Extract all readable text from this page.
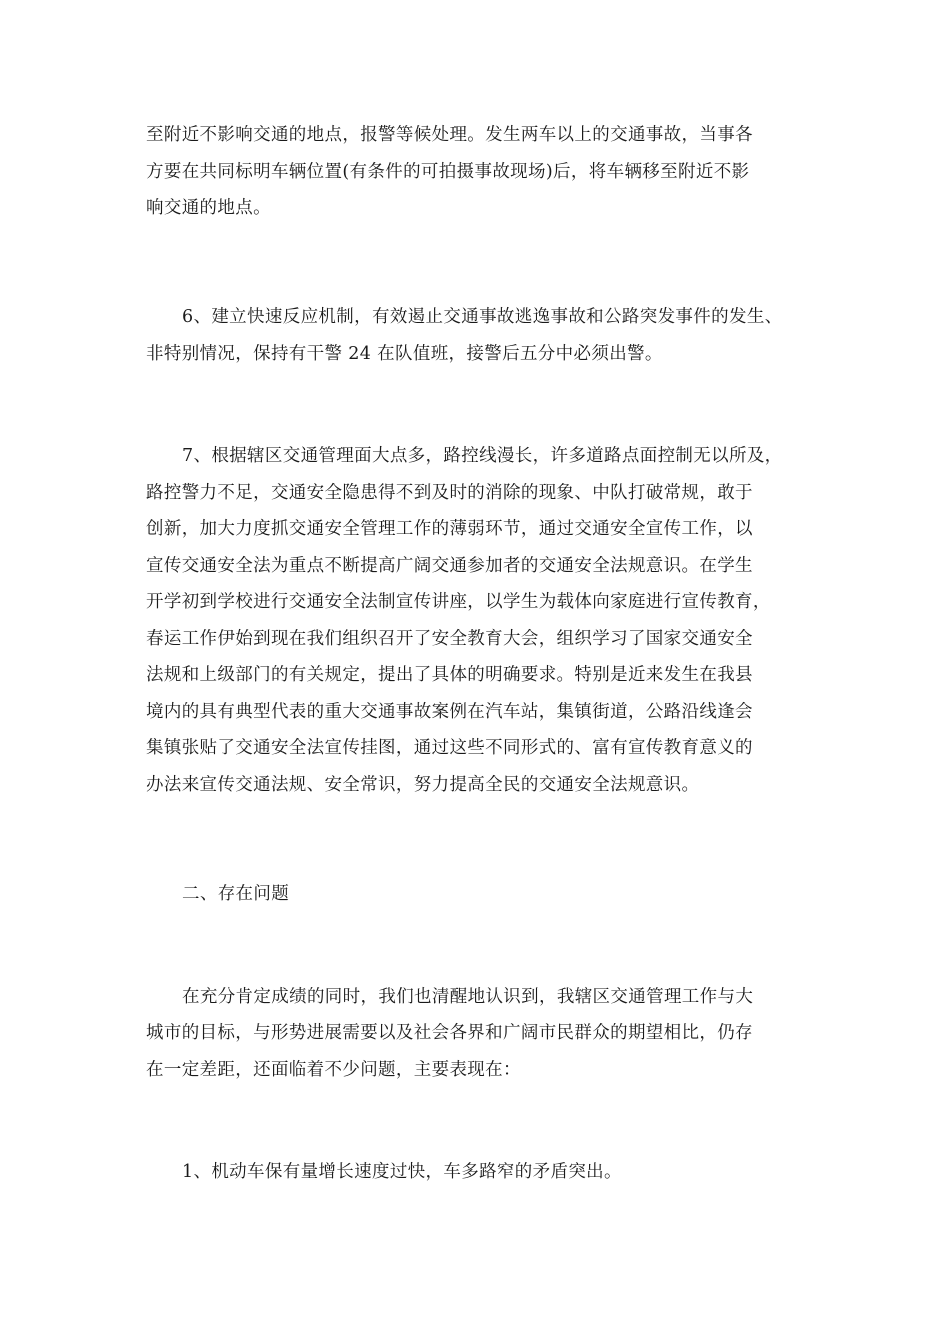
至附近不影响交通的地点，报警等候处理。发生两车以上的交通事故，当事各
方要在共同标明车辆位置(有条件的可拍摄事故现场)后，将车辆移至附近不影
响交通的地点。
6、建立快速反应机制，有效遏止交通事故逃逸事故和公路突发事件的发生、
非特别情况，保持有干警 24 在队值班，接警后五分中必须出警。
7、根据辖区交通管理面大点多，路控线漫长，许多道路点面控制无以所及，
路控警力不足，交通安全隐患得不到及时的消除的现象、中队打破常规，敢于
创新，加大力度抓交通安全管理工作的薄弱环节，通过交通安全宣传工作，以
宣传交通安全法为重点不断提高广阔交通参加者的交通安全法规意识。在学生
开学初到学校进行交通安全法制宣传讲座，以学生为载体向家庭进行宣传教育，
春运工作伊始到现在我们组织召开了安全教育大会，组织学习了国家交通安全
法规和上级部门的有关规定，提出了具体的明确要求。特别是近来发生在我县
境内的具有典型代表的重大交通事故案例在汽车站，集镇街道，公路沿线逢会
集镇张贴了交通安全法宣传挂图，通过这些不同形式的、富有宣传教育意义的
办法来宣传交通法规、安全常识，努力提高全民的交通安全法规意识。
二、存在问题
在充分肯定成绩的同时，我们也清醒地认识到，我辖区交通管理工作与大
城市的目标，与形势进展需要以及社会各界和广阔市民群众的期望相比，仍存
在一定差距，还面临着不少问题，主要表现在：
1、机动车保有量增长速度过快，车多路窄的矛盾突出。
